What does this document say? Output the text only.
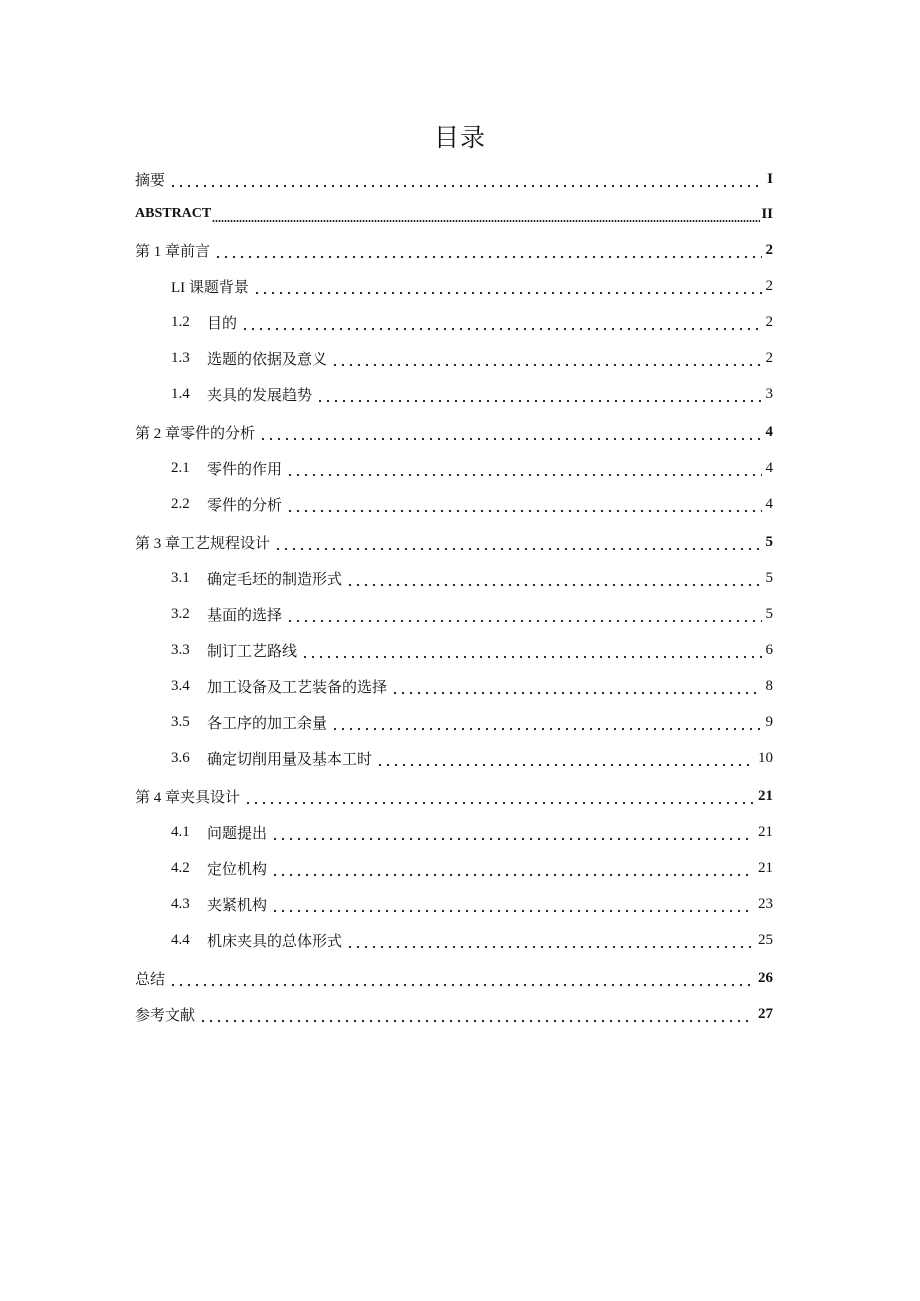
目录
摘要	I
ABSTRACT	II
第 1 章前言	2
LI 课题背景	2
1.2	目的	2
1.3	选题的依据及意义	2
1.4	夹具的发展趋势	3
第 2 章零件的分析	4
2.1	零件的作用	4
2.2	零件的分析	4
第 3 章工艺规程设计	5
3.1	确定毛坯的制造形式	5
3.2	基面的选择	5
3.3	制订工艺路线	6
3.4	加工设备及工艺装备的选择	8
3.5	各工序的加工余量	9
3.6	确定切削用量及基本工时	10
第 4 章夹具设计	21
4.1	问题提出	21
4.2	定位机构	21
4.3	夹紧机构	23
4.4	机床夹具的总体形式	25
总结	26
参考文献	27
